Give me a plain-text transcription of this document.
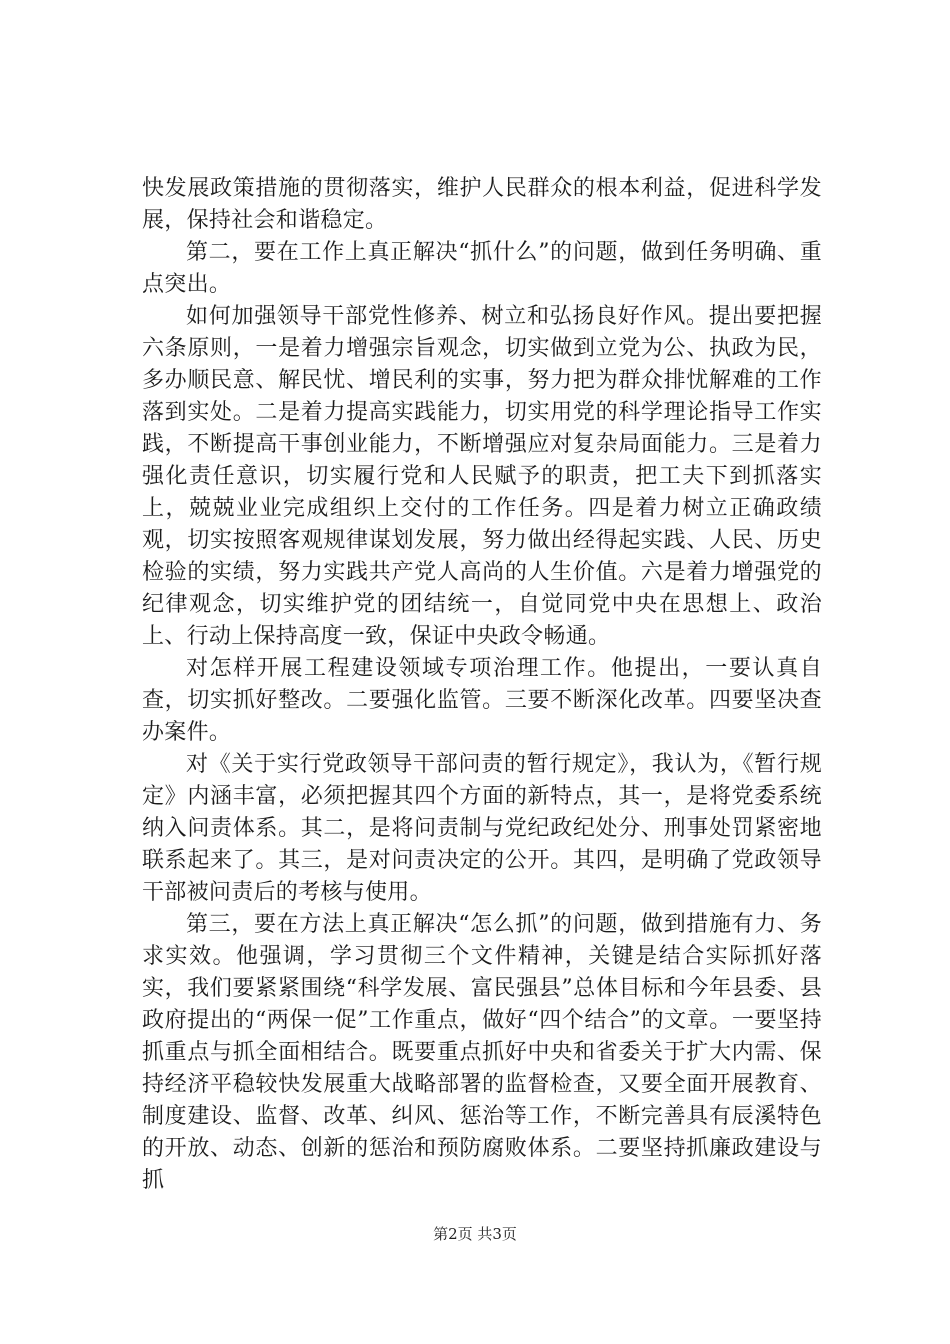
快发展政策措施的贯彻落实，维护人民群众的根本利益，促进科学发展，保持社会和谐稳定。

第二，要在工作上真正解决“抓什么”的问题，做到任务明确、重点突出。

如何加强领导干部党性修养、树立和弘扬良好作风。提出要把握六条原则，一是着力增强宗旨观念，切实做到立党为公、执政为民，多办顺民意、解民忧、增民利的实事，努力把为群众排忧解难的工作落到实处。二是着力提高实践能力，切实用党的科学理论指导工作实践，不断提高干事创业能力，不断增强应对复杂局面能力。三是着力强化责任意识，切实履行党和人民赋予的职责，把工夫下到抓落实上，兢兢业业完成组织上交付的工作任务。四是着力树立正确政绩观，切实按照客观规律谋划发展，努力做出经得起实践、人民、历史检验的实绩，努力实践共产党人高尚的人生价值。六是着力增强党的纪律观念，切实维护党的团结统一，自觉同党中央在思想上、政治上、行动上保持高度一致，保证中央政令畅通。

对怎样开展工程建设领域专项治理工作。他提出，一要认真自查，切实抓好整改。二要强化监管。三要不断深化改革。四要坚决查办案件。

对《关于实行党政领导干部问责的暂行规定》，我认为，《暂行规定》内涵丰富，必须把握其四个方面的新特点，其一，是将党委系统纳入问责体系。其二，是将问责制与党纪政纪处分、刑事处罚紧密地联系起来了。其三，是对问责决定的公开。其四，是明确了党政领导干部被问责后的考核与使用。

第三，要在方法上真正解决“怎么抓”的问题，做到措施有力、务求实效。他强调，学习贯彻三个文件精神，关键是结合实际抓好落实，我们要紧紧围绕“科学发展、富民强县”总体目标和今年县委、县政府提出的“两保一促”工作重点，做好“四个结合”的文章。一要坚持抓重点与抓全面相结合。既要重点抓好中央和省委关于扩大内需、保持经济平稳较快发展重大战略部署的监督检查，又要全面开展教育、制度建设、监督、改革、纠风、惩治等工作，不断完善具有辰溪特色的开放、动态、创新的惩治和预防腐败体系。二要坚持抓廉政建设与抓

第2页 共3页
